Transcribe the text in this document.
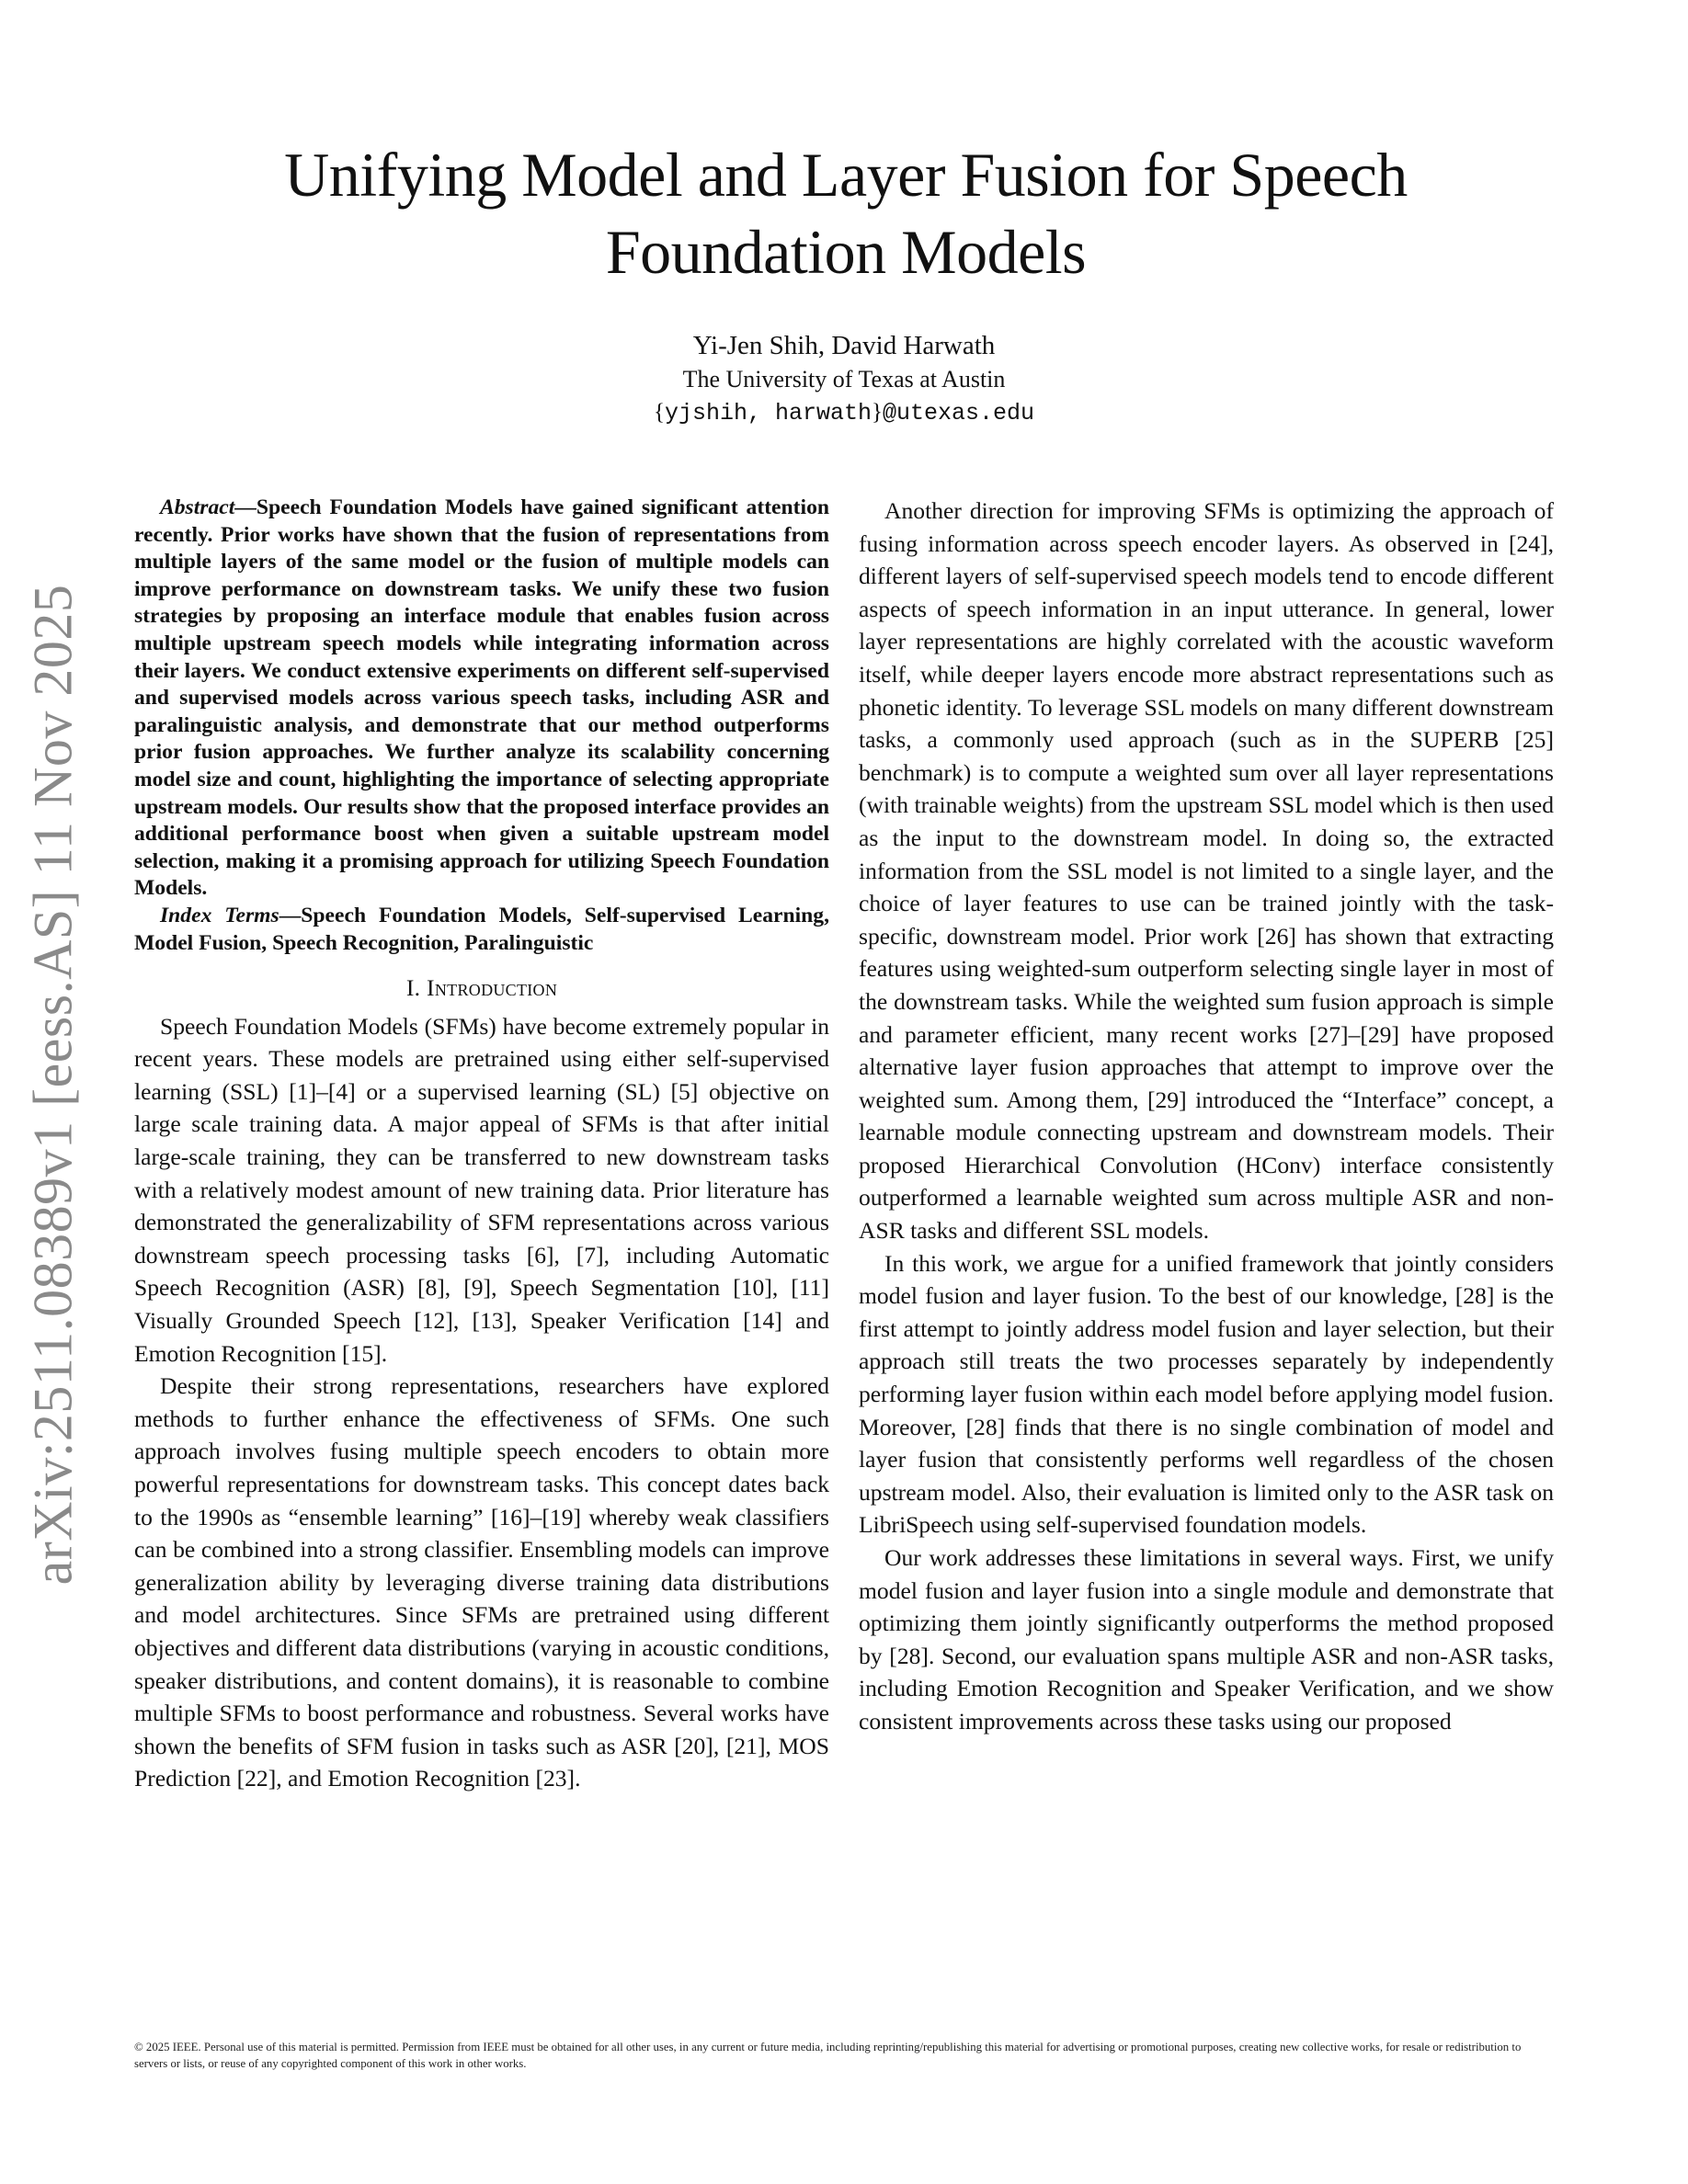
Unifying Model and Layer Fusion for Speech Foundation Models
Yi-Jen Shih, David Harwath
The University of Texas at Austin
{yjshih, harwath}@utexas.edu
arXiv:2511.08389v1 [eess.AS] 11 Nov 2025

Abstract—Speech Foundation Models have gained significant attention recently. Prior works have shown that the fusion of representations from multiple layers of the same model or the fusion of multiple models can improve performance on downstream tasks. We unify these two fusion strategies by proposing an interface module that enables fusion across multiple upstream speech models while integrating information across their layers. We conduct extensive experiments on different self-supervised and supervised models across various speech tasks, including ASR and paralinguistic analysis, and demonstrate that our method outperforms prior fusion approaches. We further analyze its scalability concerning model size and count, highlighting the importance of selecting appropriate upstream models. Our results show that the proposed interface provides an additional performance boost when given a suitable upstream model selection, making it a promising approach for utilizing Speech Foundation Models.

Index Terms—Speech Foundation Models, Self-supervised Learning, Model Fusion, Speech Recognition, Paralinguistic

I. Introduction

Speech Foundation Models (SFMs) have become extremely popular in recent years. These models are pretrained using either self-supervised learning (SSL) [1]–[4] or a supervised learning (SL) [5] objective on large scale training data. A major appeal of SFMs is that after initial large-scale training, they can be transferred to new downstream tasks with a relatively modest amount of new training data. Prior literature has demonstrated the generalizability of SFM representations across various downstream speech processing tasks [6], [7], including Automatic Speech Recognition (ASR) [8], [9], Speech Segmentation [10], [11] Visually Grounded Speech [12], [13], Speaker Verification [14] and Emotion Recognition [15].

Despite their strong representations, researchers have explored methods to further enhance the effectiveness of SFMs. One such approach involves fusing multiple speech encoders to obtain more powerful representations for downstream tasks. This concept dates back to the 1990s as “ensemble learning” [16]–[19] whereby weak classifiers can be combined into a strong classifier. Ensembling models can improve generalization ability by leveraging diverse training data distributions and model architectures. Since SFMs are pretrained using different objectives and different data distributions (varying in acoustic conditions, speaker distributions, and content domains), it is reasonable to combine multiple SFMs to boost performance and robustness. Several works have shown the benefits of SFM fusion in tasks such as ASR [20], [21], MOS Prediction [22], and Emotion Recognition [23].

Another direction for improving SFMs is optimizing the approach of fusing information across speech encoder layers. As observed in [24], different layers of self-supervised speech models tend to encode different aspects of speech information in an input utterance. In general, lower layer representations are highly correlated with the acoustic waveform itself, while deeper layers encode more abstract representations such as phonetic identity. To leverage SSL models on many different downstream tasks, a commonly used approach (such as in the SUPERB [25] benchmark) is to compute a weighted sum over all layer representations (with trainable weights) from the upstream SSL model which is then used as the input to the downstream model. In doing so, the extracted information from the SSL model is not limited to a single layer, and the choice of layer features to use can be trained jointly with the task-specific, downstream model. Prior work [26] has shown that extracting features using weighted-sum outperform selecting single layer in most of the downstream tasks. While the weighted sum fusion approach is simple and parameter efficient, many recent works [27]–[29] have proposed alternative layer fusion approaches that attempt to improve over the weighted sum. Among them, [29] introduced the “Interface” concept, a learnable module connecting upstream and downstream models. Their proposed Hierarchical Convolution (HConv) interface consistently outperformed a learnable weighted sum across multiple ASR and non-ASR tasks and different SSL models.

In this work, we argue for a unified framework that jointly considers model fusion and layer fusion. To the best of our knowledge, [28] is the first attempt to jointly address model fusion and layer selection, but their approach still treats the two processes separately by independently performing layer fusion within each model before applying model fusion. Moreover, [28] finds that there is no single combination of model and layer fusion that consistently performs well regardless of the chosen upstream model. Also, their evaluation is limited only to the ASR task on LibriSpeech using self-supervised foundation models.

Our work addresses these limitations in several ways. First, we unify model fusion and layer fusion into a single module and demonstrate that optimizing them jointly significantly outperforms the method proposed by [28]. Second, our evaluation spans multiple ASR and non-ASR tasks, including Emotion Recognition and Speaker Verification, and we show consistent improvements across these tasks using our proposed

© 2025 IEEE. Personal use of this material is permitted. Permission from IEEE must be obtained for all other uses, in any current or future media, including reprinting/republishing this material for advertising or promotional purposes, creating new collective works, for resale or redistribution to servers or lists, or reuse of any copyrighted component of this work in other works.
